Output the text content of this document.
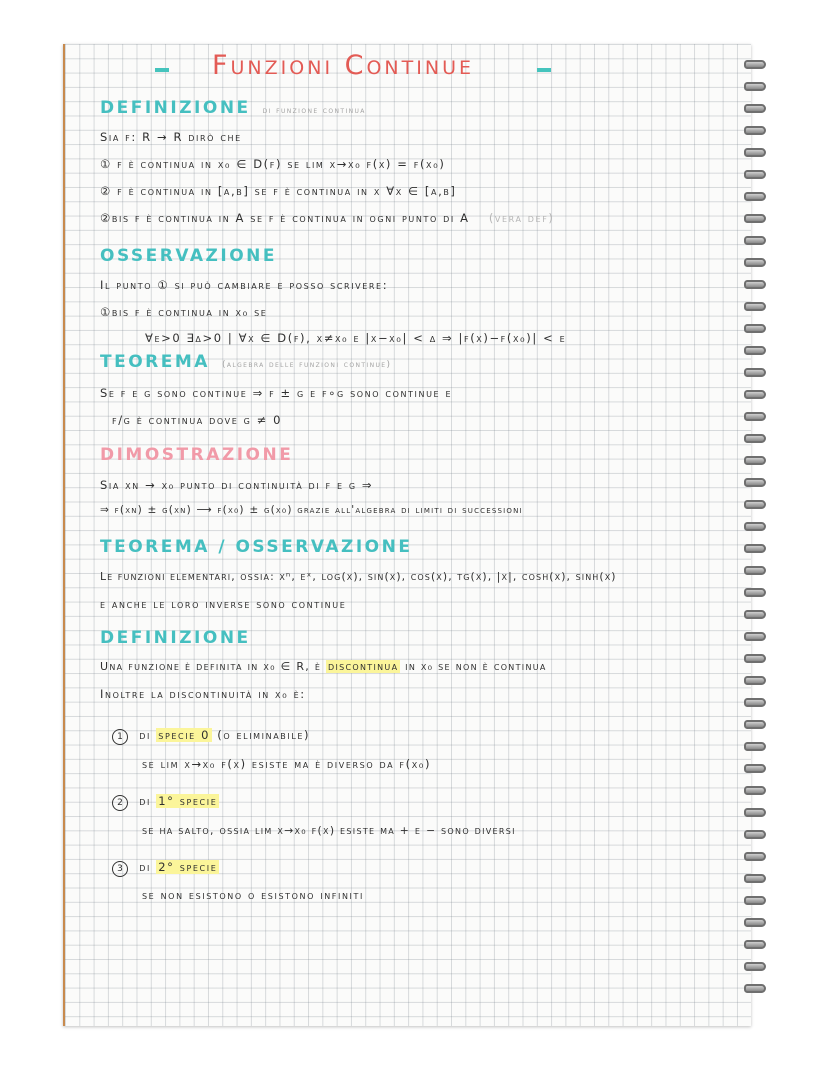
Funzioni Continue
DEFINIZIONE di funzione continua
Sia f: R → R dirò che
① f è continua in x₀ ∈ D(f) se lim x→x₀ f(x) = f(x₀)
② f è continua in [a,b] se f è continua in x ∀x ∈ [a,b]
②bis f è continua in A se f è continua in ogni punto di A (vera def)
OSSERVAZIONE
Il punto ① si può cambiare e posso scrivere:
①bis f è continua in x₀ se
∀ε>0 ∃δ>0 | ∀x ∈ D(f), x≠x₀ e |x−x₀| < δ ⇒ |f(x)−f(x₀)| < ε
TEOREMA (algebra delle funzioni continue)
Se f e g sono continue ⇒ f ± g e f∘g sono continue e
f/g è continua dove g ≠ 0
DIMOSTRAZIONE
Sia xn → x₀ punto di continuità di f e g ⇒
⇒ f(xn) ± g(xn) ⟶ f(x₀) ± g(x₀) grazie all'algebra di limiti di successioni
TEOREMA / OSSERVAZIONE
Le funzioni elementari, ossia: xⁿ, eˣ, log(x), sin(x), cos(x), tg(x), |x|, cosh(x), sinh(x)
e anche le loro inverse sono continue
DEFINIZIONE
Una funzione è definita in x₀ ∈ R, è discontinua in x₀ se non è continua
Inoltre la discontinuità in x₀ è:
1 di specie 0 (o eliminabile)
se lim x→x₀ f(x) esiste ma è diverso da f(x₀)
2 di 1° specie
se ha salto, ossia lim x→x₀ f(x) esiste ma + e − sono diversi
3 di 2° specie
se non esistono o esistono infiniti
